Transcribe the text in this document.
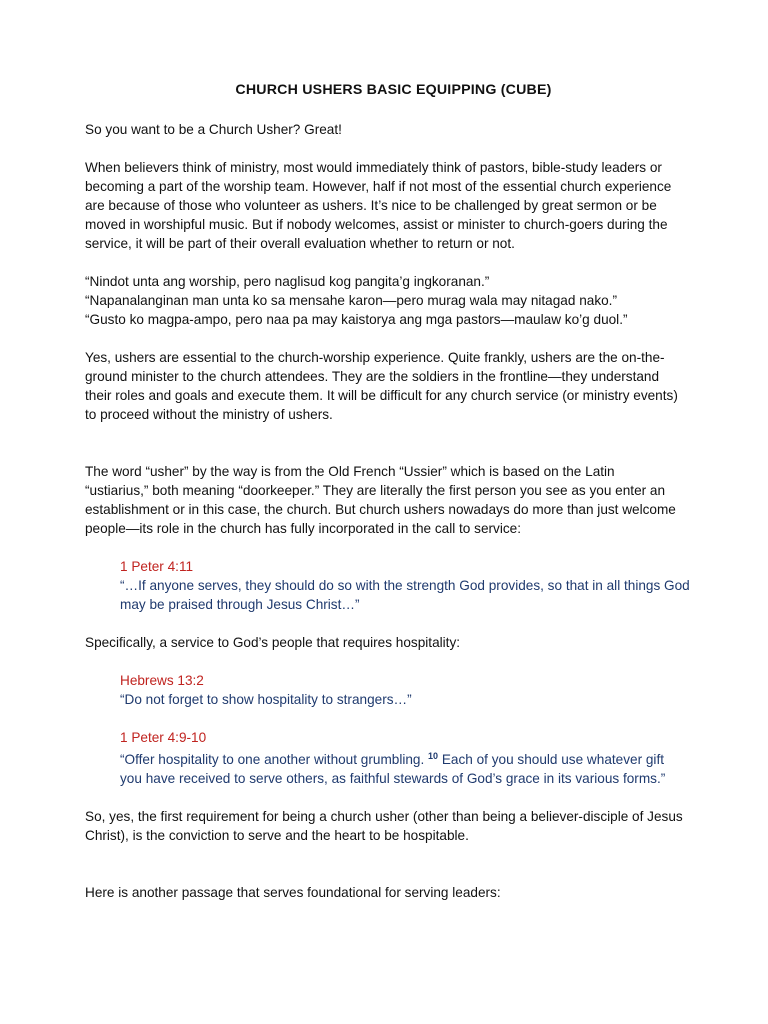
CHURCH USHERS BASIC EQUIPPING (CUBE)

So you want to be a Church Usher? Great!

When believers think of ministry, most would immediately think of pastors, bible-study leaders or

becoming a part of the worship team. However, half if not most of the essential church experience

are because of those who volunteer as ushers. It’s nice to be challenged by great sermon or be

moved in worshipful music. But if nobody welcomes, assist or minister to church-goers during the

service, it will be part of their overall evaluation whether to return or not.

“Nindot unta ang worship, pero naglisud kog pangita’g ingkoranan.”

“Napanalanginan man unta ko sa mensahe karon—pero murag wala may nitagad nako.”

“Gusto ko magpa-ampo, pero naa pa may kaistorya ang mga pastors—maulaw ko’g duol.”

Yes, ushers are essential to the church-worship experience. Quite frankly, ushers are the on-the-

ground minister to the church attendees. They are the soldiers in the frontline—they understand

their roles and goals and execute them. It will be difficult for any church service (or ministry events)

to proceed without the ministry of ushers.

The word “usher” by the way is from the Old French “Ussier” which is based on the Latin

“ustiarius,” both meaning “doorkeeper.” They are literally the first person you see as you enter an

establishment or in this case, the church. But church ushers nowadays do more than just welcome

people—its role in the church has fully incorporated in the call to service:

1 Peter 4:11

“…If anyone serves, they should do so with the strength God provides, so that in all things God

may be praised through Jesus Christ…”

Specifically, a service to God’s people that requires hospitality:

Hebrews 13:2

“Do not forget to show hospitality to strangers…”

1 Peter 4:9-10

“Offer hospitality to one another without grumbling. $^{10}$ Each of you should use whatever gift

you have received to serve others, as faithful stewards of God’s grace in its various forms.”

So, yes, the first requirement for being a church usher (other than being a believer-disciple of Jesus

Christ), is the conviction to serve and the heart to be hospitable.

Here is another passage that serves foundational for serving leaders:
